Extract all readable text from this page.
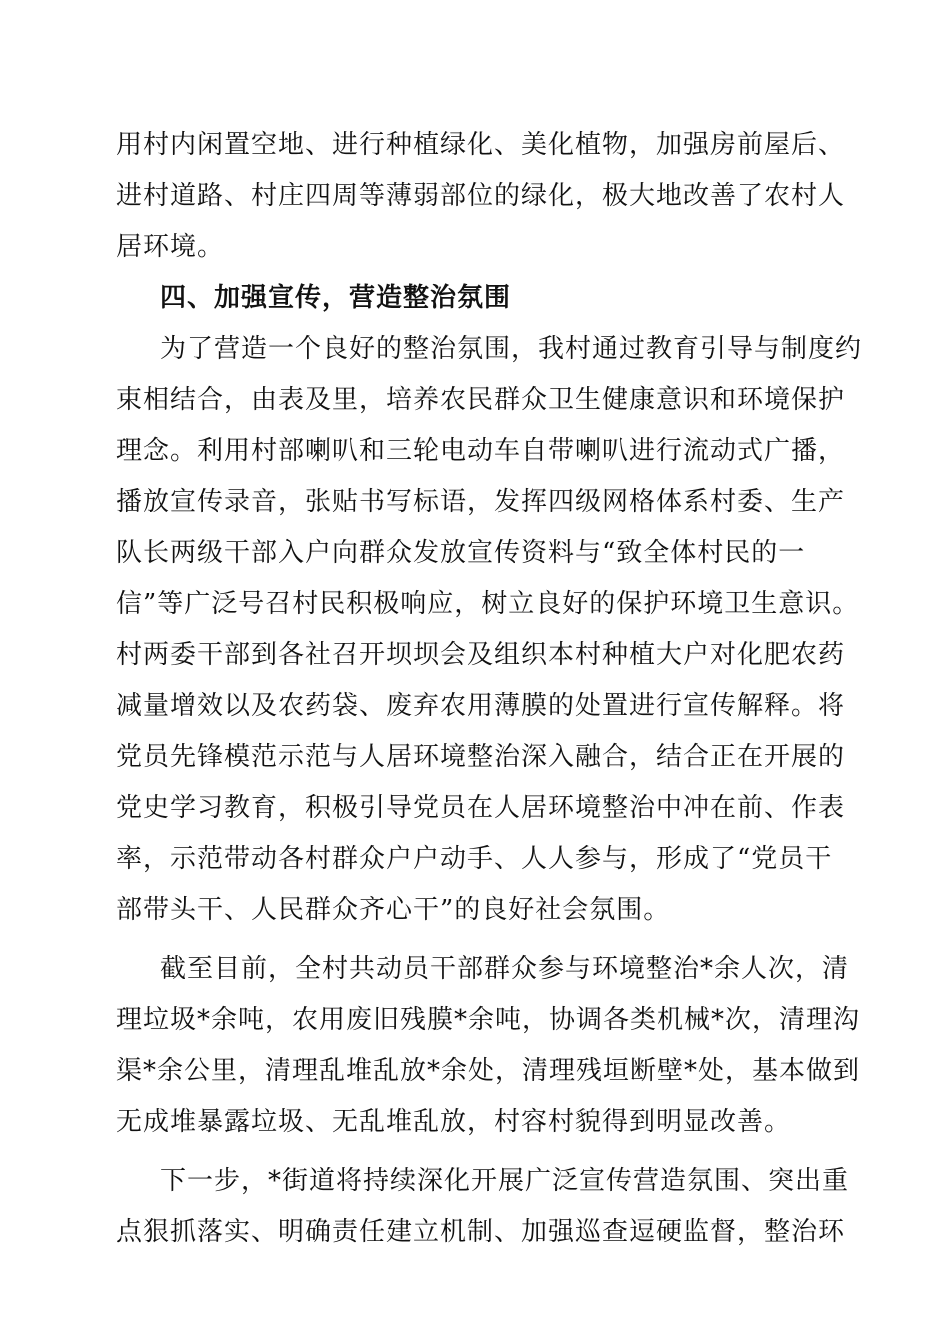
用村内闲置空地、进行种植绿化、美化植物，加强房前屋后、
进村道路、村庄四周等薄弱部位的绿化，极大地改善了农村人
居环境。
四、加强宣传，营造整治氛围
为了营造一个良好的整治氛围，我村通过教育引导与制度约
束相结合，由表及里，培养农民群众卫生健康意识和环境保护
理念。利用村部喇叭和三轮电动车自带喇叭进行流动式广播，
播放宣传录音，张贴书写标语，发挥四级网格体系村委、生产
队长两级干部入户向群众发放宣传资料与“致全体村民的一
信”等广泛号召村民积极响应，树立良好的保护环境卫生意识。
村两委干部到各社召开坝坝会及组织本村种植大户对化肥农药
减量增效以及农药袋、废弃农用薄膜的处置进行宣传解释。将
党员先锋模范示范与人居环境整治深入融合，结合正在开展的
党史学习教育，积极引导党员在人居环境整治中冲在前、作表
率，示范带动各村群众户户动手、人人参与，形成了“党员干
部带头干、人民群众齐心干”的良好社会氛围。
截至目前，全村共动员干部群众参与环境整治*余人次，清
理垃圾*余吨，农用废旧残膜*余吨，协调各类机械*次，清理沟
渠*余公里，清理乱堆乱放*余处，清理残垣断壁*处，基本做到
无成堆暴露垃圾、无乱堆乱放，村容村貌得到明显改善。
下一步，*街道将持续深化开展广泛宣传营造氛围、突出重
点狠抓落实、明确责任建立机制、加强巡查逗硬监督，整治环
